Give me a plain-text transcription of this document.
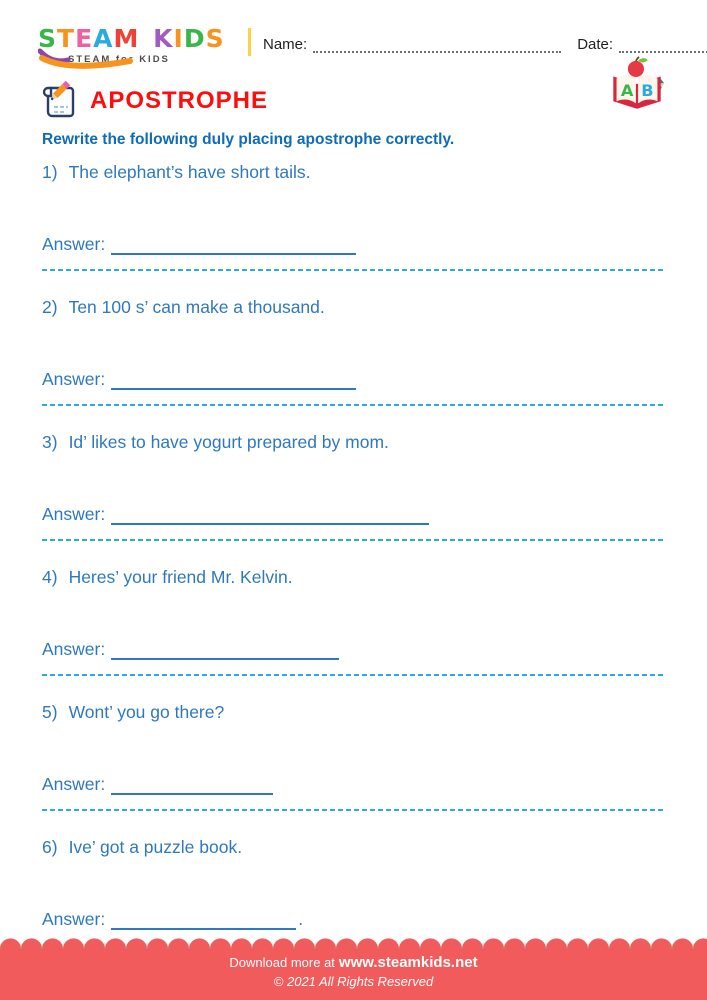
STEAM KIDS
STEAM for KIDS
Name:	Date:
A B
APOSTROPHE
Rewrite the following duly placing apostrophe correctly.
1) The elephant’s have short tails.
Answer:
2) Ten 100 s’ can make a thousand.
Answer:
3) Id’ likes to have yogurt prepared by mom.
Answer:
4) Heres’ your friend Mr. Kelvin.
Answer:
5) Wont’ you go there?
Answer:
6) Ive’ got a puzzle book.
Answer:	.
Download more at www.steamkids.net
© 2021 All Rights Reserved
